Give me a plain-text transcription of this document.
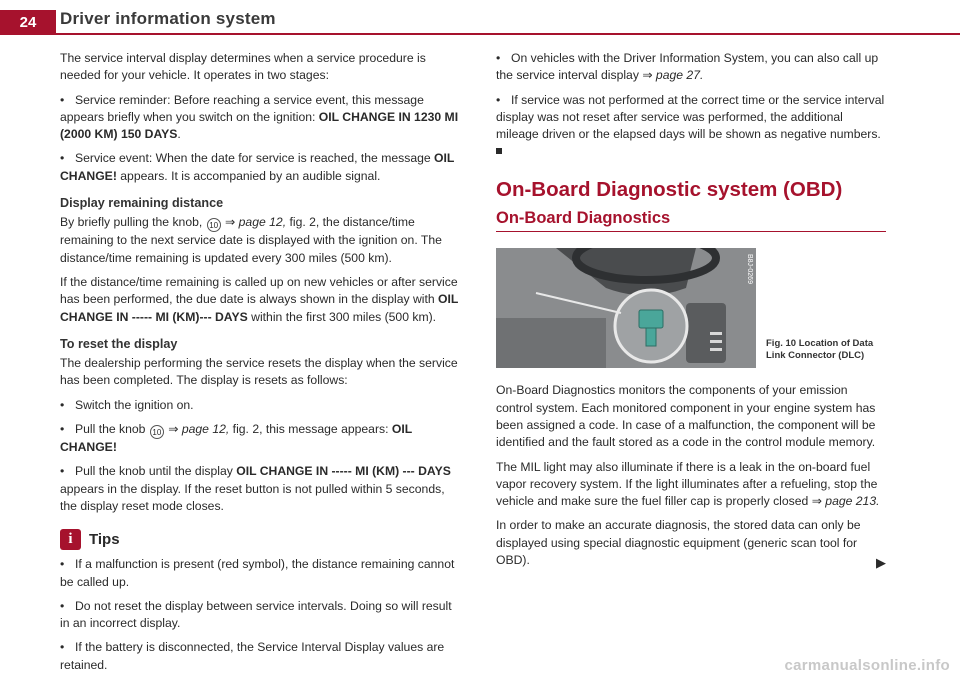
24	Driver information system

The service interval display determines when a service procedure is needed for your vehicle. It operates in two stages:

• Service reminder: Before reaching a service event, this message appears briefly when you switch on the ignition: OIL CHANGE IN 1230 MI (2000 KM) 150 DAYS.

• Service event: When the date for service is reached, the message OIL CHANGE! appears. It is accompanied by an audible signal.

Display remaining distance

By briefly pulling the knob, 10 ⇒ page 12, fig. 2, the distance/time remaining to the next service date is displayed with the ignition on. The distance/time remaining is updated every 300 miles (500 km).

If the distance/time remaining is called up on new vehicles or after service has been performed, the due date is always shown in the display with OIL CHANGE IN ----- MI (KM)--- DAYS within the first 300 miles (500 km).

To reset the display

The dealership performing the service resets the display when the service has been completed. The display is resets as follows:

• Switch the ignition on.

• Pull the knob 10 ⇒ page 12, fig. 2, this message appears: OIL CHANGE!

• Pull the knob until the display OIL CHANGE IN ----- MI (KM) --- DAYS appears in the display. If the reset button is not pulled within 5 seconds, the display reset mode closes.

i	Tips

• If a malfunction is present (red symbol), the distance remaining cannot be called up.

• Do not reset the display between service intervals. Doing so will result in an incorrect display.

• If the battery is disconnected, the Service Interval Display values are retained.

• On vehicles with the Driver Information System, you can also call up the service interval display ⇒ page 27.

• If service was not performed at the correct time or the service interval display was not reset after service was performed, the additional mileage driven or the elapsed days will be shown as negative numbers.

On-Board Diagnostic system (OBD)
On-Board Diagnostics
B8J-0269
Fig. 10 Location of Data Link Connector (DLC)

On-Board Diagnostics monitors the components of your emission control system. Each monitored component in your engine system has been assigned a code. In case of a malfunction, the component will be identified and the fault stored as a code in the control module memory.

The MIL light may also illuminate if there is a leak in the on-board fuel vapor recovery system. If the light illuminates after a refueling, stop the vehicle and make sure the fuel filler cap is properly closed ⇒ page 213.

In order to make an accurate diagnosis, the stored data can only be displayed using special diagnostic equipment (generic scan tool for OBD).	▶

carmanualsonline.info
